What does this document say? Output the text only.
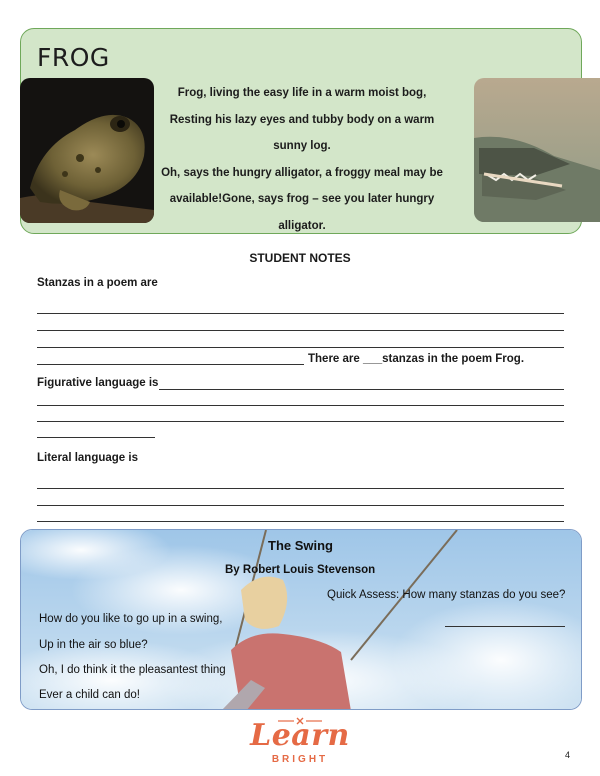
FROG
Frog, living the easy life in a warm moist bog,
Resting his lazy eyes and tubby body on a warm
sunny log.
Oh, says the hungry alligator, a froggy meal may be
available!Gone, says frog – see you later hungry
alligator.
STUDENT NOTES
Stanzas in a poem are
There are ___stanzas in the poem Frog.
Figurative language is
Literal language is
The Swing
By Robert Louis Stevenson
Quick Assess: How many stanzas do you see?
How do you like to go up in a swing,
Up in the air so blue?
Oh, I do think it the pleasantest thing
Ever a child can do!
Learn
BRIGHT	4
